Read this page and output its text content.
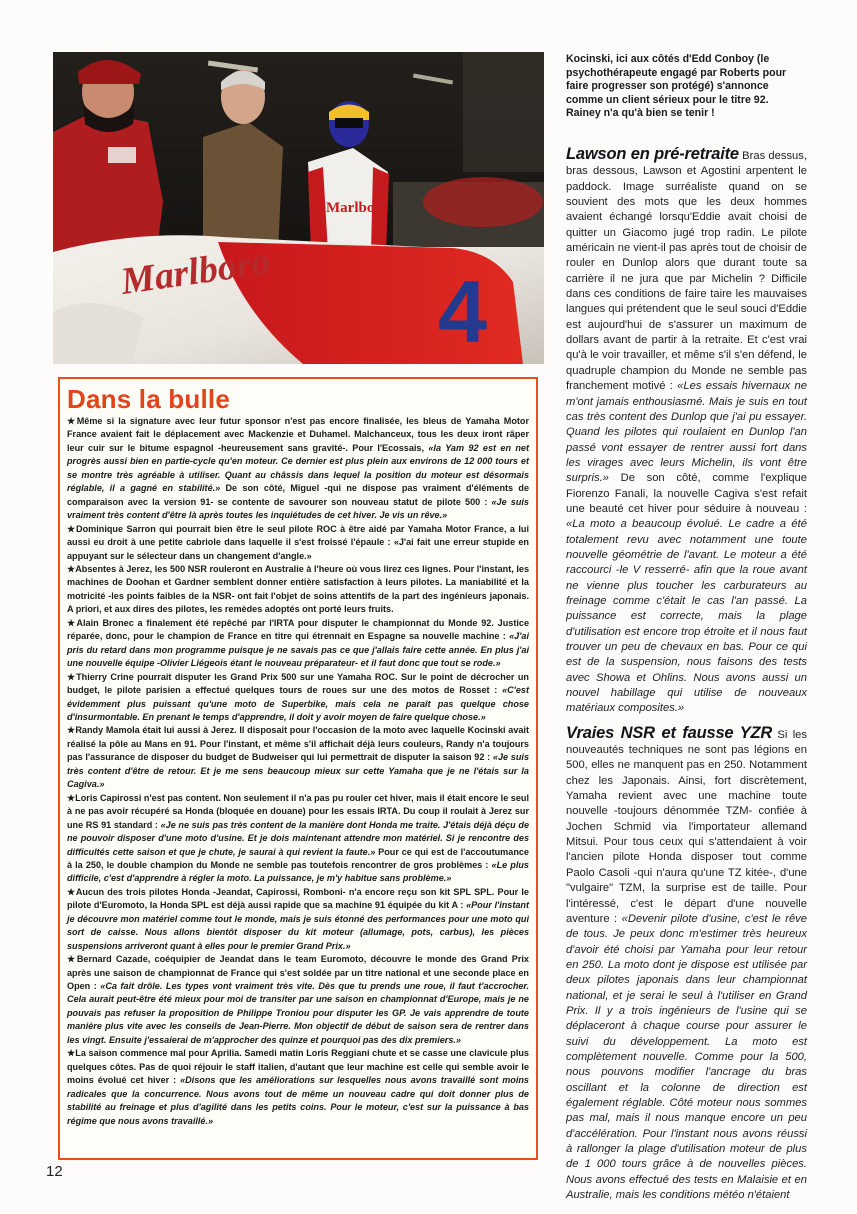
Marlboro
Marlboro 4
Kocinski, ici aux côtés d'Edd Conboy (le psychothérapeute engagé par Roberts pour faire progresser son protégé) s'annonce comme un client sérieux pour le titre 92. Rainey n'a qu'à bien se tenir !
Dans la bulle

★Même si la signature avec leur futur sponsor n'est pas encore finalisée, les bleus de Yamaha Motor France avaient fait le déplacement avec Mackenzie et Duhamel. Malchanceux, tous les deux iront râper leur cuir sur le bitume espagnol -heureusement sans gravité-. Pour l'Ecossais, «la Yam 92 est en net progrès aussi bien en partie-cycle qu'en moteur. Ce dernier est plus plein aux environs de 12 000 tours et se montre très agréable à utiliser. Quant au châssis dans lequel la position du moteur est désormais réglable, il a gagné en stabilité.» De son côté, Miguel -qui ne dispose pas vraiment d'éléments de comparaison avec la version 91- se contente de savourer son nouveau statut de pilote 500 : «Je suis vraiment très content d'être là après toutes les inquiétudes de cet hiver. Je vis un rêve.»

★Dominique Sarron qui pourrait bien être le seul pilote ROC à être aidé par Yamaha Motor France, a lui aussi eu droit à une petite cabriole dans laquelle il s'est froissé l'épaule : «J'ai fait une erreur stupide en appuyant sur le sélecteur dans un changement d'angle.»

★Absentes à Jerez, les 500 NSR rouleront en Australie à l'heure où vous lirez ces lignes. Pour l'instant, les machines de Doohan et Gardner semblent donner entière satisfaction à leurs pilotes. La maniabilité et la motricité -les points faibles de la NSR- ont fait l'objet de soins attentifs de la part des ingénieurs japonais. A priori, et aux dires des pilotes, les remèdes adoptés ont porté leurs fruits.

★Alain Bronec a finalement été repêché par l'IRTA pour disputer le championnat du Monde 92. Justice réparée, donc, pour le champion de France en titre qui étrennait en Espagne sa nouvelle machine : «J'ai pris du retard dans mon programme puisque je ne savais pas ce que j'allais faire cette année. En plus j'ai une nouvelle équipe -Olivier Liégeois étant le nouveau préparateur- et il faut donc que tout se rode.»

★Thierry Crine pourrait disputer les Grand Prix 500 sur une Yamaha ROC. Sur le point de décrocher un budget, le pilote parisien a effectué quelques tours de roues sur une des motos de Rosset : «C'est évidemment plus puissant qu'une moto de Superbike, mais cela ne paraît pas quelque chose d'insurmontable. En prenant le temps d'apprendre, il doit y avoir moyen de faire quelque chose.»

★Randy Mamola était lui aussi à Jerez. Il disposait pour l'occasion de la moto avec laquelle Kocinski avait réalisé la pôle au Mans en 91. Pour l'instant, et même s'il affichait déjà leurs couleurs, Randy n'a toujours pas l'assurance de disposer du budget de Budweiser qui lui permettrait de disputer la saison 92 : «Je suis très content d'être de retour. Et je me sens beaucoup mieux sur cette Yamaha que je ne l'étais sur la Cagiva.»

★Loris Capirossi n'est pas content. Non seulement il n'a pas pu rouler cet hiver, mais il était encore le seul à ne pas avoir récupéré sa Honda (bloquée en douane) pour les essais IRTA. Du coup il roulait à Jerez sur une RS 91 standard : «Je ne suis pas très content de la manière dont Honda me traite. J'étais déjà déçu de ne pouvoir disposer d'une moto d'usine. Et je dois maintenant attendre mon matériel. Si je rencontre des difficultés cette saison et que je chute, je saurai à qui revient la faute.» Pour ce qui est de l'accoutumance à la 250, le double champion du Monde ne semble pas toutefois rencontrer de gros problèmes : «Le plus difficile, c'est d'apprendre à régler la moto. La puissance, je m'y habitue sans problème.»

★Aucun des trois pilotes Honda -Jeandat, Capirossi, Romboni- n'a encore reçu son kit SPL SPL. Pour le pilote d'Euromoto, la Honda SPL est déjà aussi rapide que sa machine 91 équipée du kit A : «Pour l'instant je découvre mon matériel comme tout le monde, mais je suis étonné des performances pour une moto qui sort de caisse. Nous allons bientôt disposer du kit moteur (allumage, pots, carbus), les pièces suspensions arriveront quant à elles pour le premier Grand Prix.»

★Bernard Cazade, coéquipier de Jeandat dans le team Euromoto, découvre le monde des Grand Prix après une saison de championnat de France qui s'est soldée par un titre national et une seconde place en Open : «Ca fait drôle. Les types vont vraiment très vite. Dès que tu prends une roue, il faut t'accrocher. Cela aurait peut-être été mieux pour moi de transiter par une saison en championnat d'Europe, mais je ne pouvais pas refuser la proposition de Philippe Troniou pour disputer les GP. Je vais apprendre de toute manière plus vite avec les conseils de Jean-Pierre. Mon objectif de début de saison sera de rentrer dans les vingt. Ensuite j'essaierai de m'approcher des quinze et pourquoi pas des dix premiers.»

★La saison commence mal pour Aprilia. Samedi matin Loris Reggiani chute et se casse une clavicule plus quelques côtes. Pas de quoi réjouir le staff italien, d'autant que leur machine est celle qui semble avoir le moins évolué cet hiver : «Disons que les améliorations sur lesquelles nous avons travaillé sont moins radicales que la concurrence. Nous avons tout de même un nouveau cadre qui doit donner plus de stabilité au freinage et plus d'agilité dans les petits coins. Pour le moteur, c'est sur la puissance à bas régime que nous avons travaillé.»

Lawson en pré-retraite Bras dessus, bras dessous, Lawson et Agostini arpentent le paddock. Image surréaliste quand on se souvient des mots que les deux hommes avaient échangé lorsqu'Eddie avait choisi de quitter un Giacomo jugé trop radin. Le pilote américain ne vient-il pas après tout de choisir de rouler en Dunlop alors que durant toute sa carrière il ne jura que par Michelin ? Difficile dans ces conditions de faire taire les mauvaises langues qui prétendent que le seul souci d'Eddie est aujourd'hui de s'assurer un maximum de dollars avant de partir à la retraite. Et c'est vrai qu'à le voir travailler, et même s'il s'en défend, le quadruple champion du Monde ne semble pas franchement motivé : «Les essais hivernaux ne m'ont jamais enthousiasmé. Mais je suis en tout cas très content des Dunlop que j'ai pu essayer. Quand les pilotes qui roulaient en Dunlop l'an passé vont essayer de rentrer aussi fort dans les virages avec leurs Michelin, ils vont être surpris.» De son côté, comme l'explique Fiorenzo Fanali, la nouvelle Cagiva s'est refait une beauté cet hiver pour séduire à nouveau : «La moto a beaucoup évolué. Le cadre a été totalement revu avec notamment une toute nouvelle géométrie de l'avant. Le moteur a été raccourci -le V resserré- afin que la roue avant ne vienne plus toucher les carburateurs au freinage comme c'était le cas l'an passé. La puissance est correcte, mais la plage d'utilisation est encore trop étroite et il nous faut trouver un peu de chevaux en bas. Pour ce qui est de la suspension, nous faisons des tests avec Showa et Ohlins. Nous avons aussi un nouvel habillage qui utilise de nouveaux matériaux composites.»

Vraies NSR et fausse YZR Si les nouveautés techniques ne sont pas légions en 500, elles ne manquent pas en 250. Notamment chez les Japonais. Ainsi, fort discrètement, Yamaha revient avec une machine toute nouvelle -toujours dénommée TZM- confiée à Jochen Schmid via l'importateur allemand Mitsui. Pour tous ceux qui s'attendaient à voir l'ancien pilote Honda disposer tout comme Paolo Casoli -qui n'aura qu'une TZ kitée-, d'une "vulgaire" TZM, la surprise est de taille. Pour l'intéressé, c'est le départ d'une nouvelle aventure : «Devenir pilote d'usine, c'est le rêve de tous. Je peux donc m'estimer très heureux d'avoir été choisi par Yamaha pour leur retour en 250. La moto dont je dispose est utilisée par deux pilotes japonais dans leur championnat national, et je serai le seul à l'utiliser en Grand Prix. Il y a trois ingénieurs de l'usine qui se déplaceront à chaque course pour assurer le suivi du développement. La moto est complètement nouvelle. Comme pour la 500, nous pouvons modifier l'ancrage du bras oscillant et la colonne de direction est également réglable. Côté moteur nous sommes pas mal, mais il nous manque encore un peu d'accélération. Pour l'instant nous avons réussi à rallonger la plage d'utilisation moteur de plus de 1 000 tours grâce à de nouvelles pièces. Nous avons effectué des tests en Malaisie et en Australie, mais les conditions météo n'étaient

12
